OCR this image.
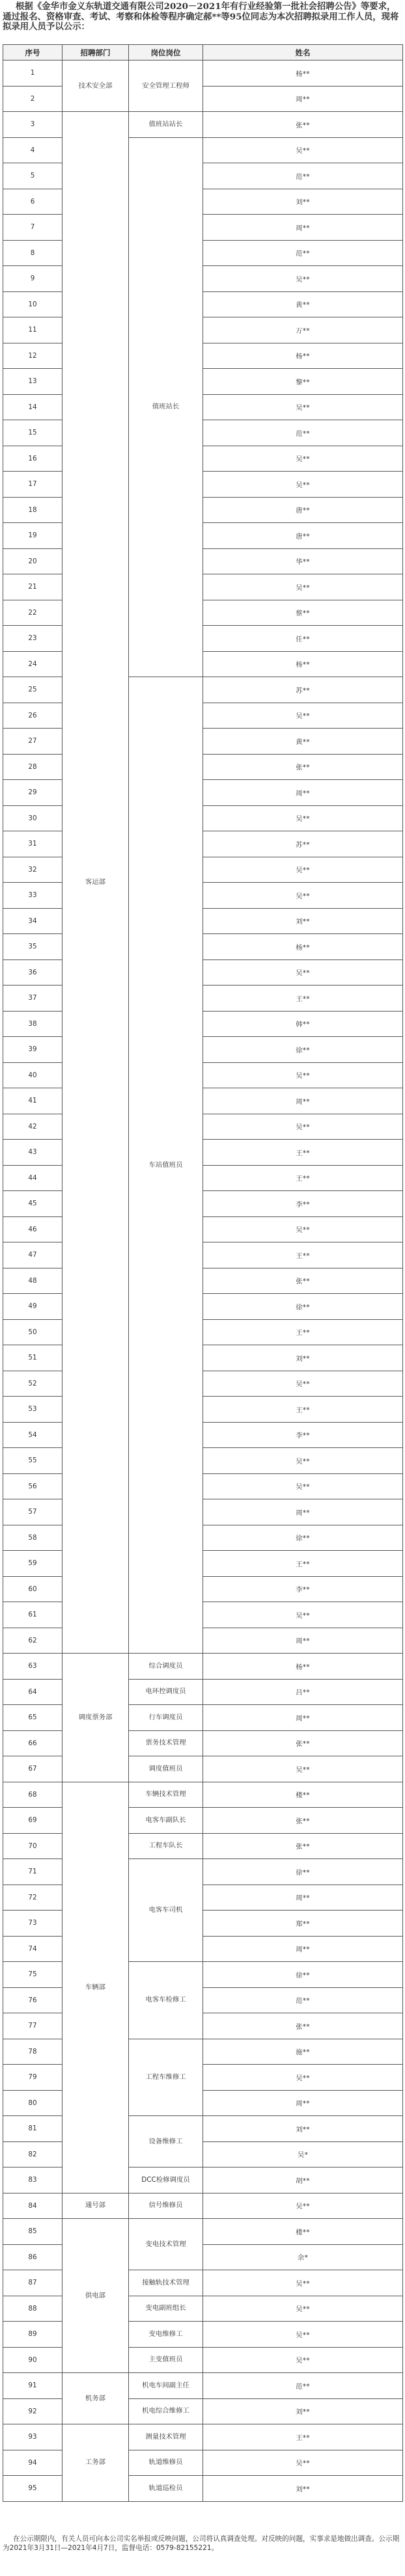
根据《金华市金义东轨道交通有限公司2020－2021年有行业经验第一批社会招聘公告》等要求，通过报名、资格审查、考试、考察和体检等程序确定郝**等95位同志为本次招聘拟录用工作人员，现将拟录用人员予以公示：

序号	招聘部门	岗位岗位	姓名
1	技术安全部	安全管理工程师	杨**
2			周**
3	客运部	值班站站长	张**
4		值班站长	吴**
5			范**
6			刘**
7			周**
8			范**
9			吴**
10			黄**
11			万**
12			杨**
13			黎**
14			吴**
15			范**
16			吴**
17			吴**
18			唐**
19			唐**
20			华**
21			吴**
22			蔡**
23			任**
24			杨**
25		车站值班员	苏**
26			吴**
27			黄**
28			张**
29			周**
30			吴**
31			苏**
32			吴**
33			吴**
34			刘**
35			杨**
36			吴**
37			王**
38			韩**
39			徐**
40			吴**
41			周**
42			吴**
43			王**
44			王**
45			李**
46			吴**
47			王**
48			张**
49			徐**
50			王**
51			刘**
52			吴**
53			王**
54			李**
55			吴**
56			吴**
57			周**
58			徐**
59			王**
60			李**
61			吴**
62			周**
63	调度票务部	综合调度员	杨**
64		电环控调度员	吕**
65		行车调度员	周**
66		票务技术管理	张**
67		调度值班员	吴**
68	车辆部	车辆技术管理	楼**
69		电客车副队长	张**
70		工程车队长	张**
71		电客车司机	徐**
72			周**
73			郑**
74			周**
75		电客车检修工	徐**
76			范**
77			张**
78		工程车维修工	施**
79			吴**
80			周**
81		设备维修工	刘**
82			吴*
83		DCC检修调度员	胡**
84	通号部	信号维修员	吴**
85	供电部	变电技术管理	楼**
86			余*
87		接触轨技术管理	吴**
88		变电副班组长	吴**
89		变电维修工	吴**
90		主变值班员	吴**
91	机务部	机电车间副主任	范**
92		机电综合维修工	刘**
93	工务部	测量技术管理	王**
94		轨道维修员	吴**
95		轨道巡检员	刘**

在公示期限内，有关人员可向本公司实名举报或反映问题，公司将认真调查处理。对反映的问题，实事求是地做出调查。公示期为2021年3月31日—2021年4月7日，监督电话：0579-82155221。
